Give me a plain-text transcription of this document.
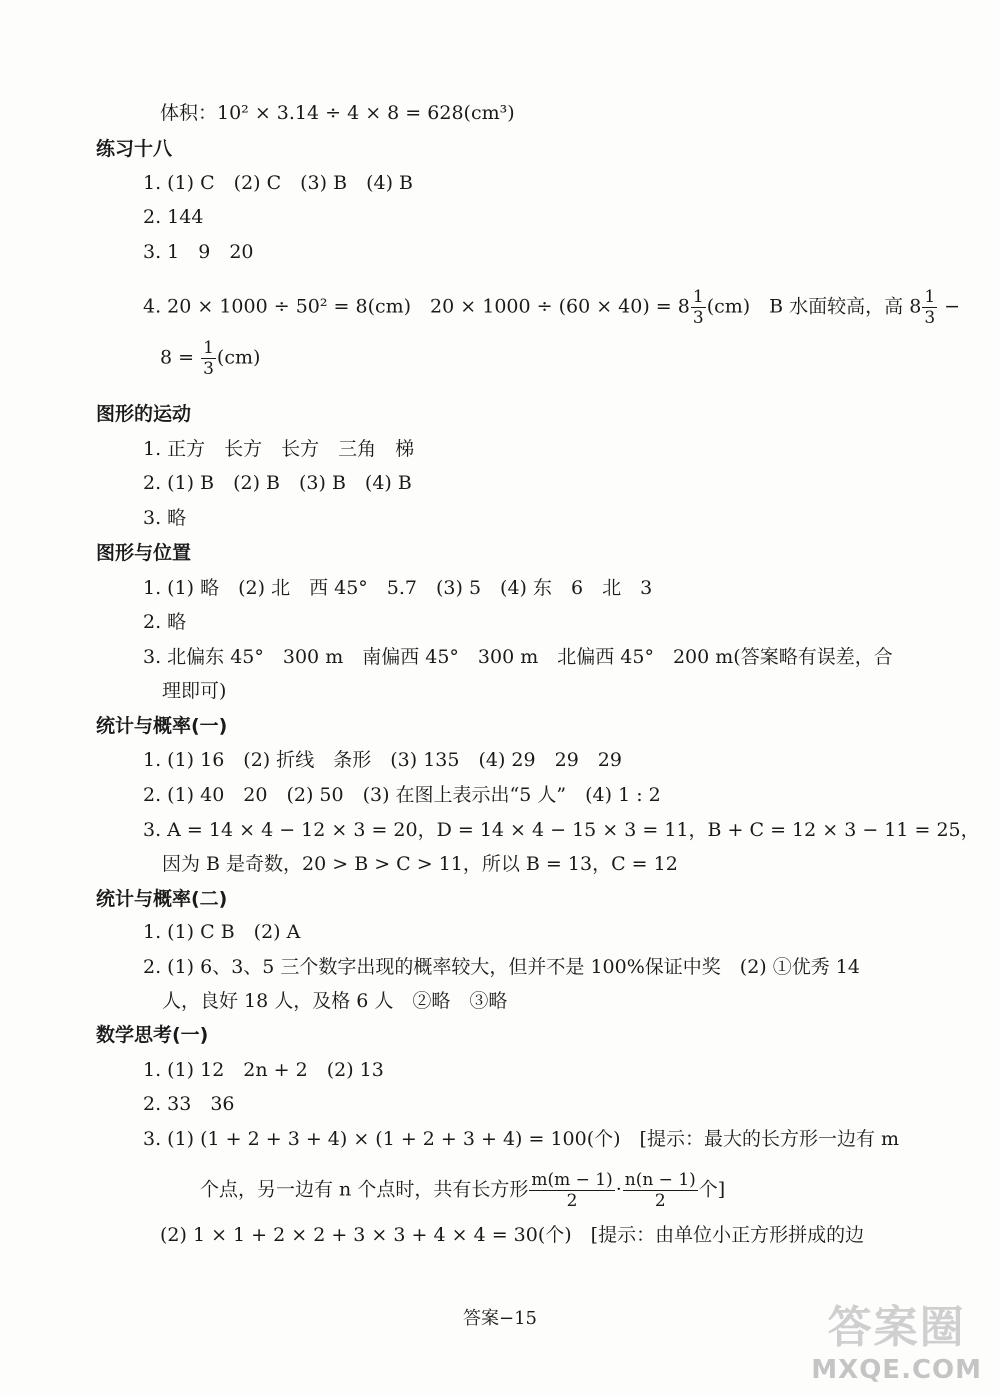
体积：10² × 3.14 ÷ 4 × 8 = 628(cm³)
练习十八
1. (1) C　(2) C　(3) B　(4) B
2. 144
3. 1　9　20
4. 20 × 1000 ÷ 50² = 8(cm)　$20 \times 1000 \div (60 \times 40) = 8 \frac{1}{3} (cm)$　B 水面较高，高 $8 \frac{1}{3}$ −
$8 = \frac{1}{3} (cm)$
图形的运动
1. 正方　长方　长方　三角　梯
2. (1) B　(2) B　(3) B　(4) B
3. 略
图形与位置
1. (1) 略　(2) 北　西 45°　5.7　(3) 5　(4) 东　6　北　3
2. 略
3. 北偏东 45°　300 m　南偏西 45°　300 m　北偏西 45°　200 m(答案略有误差，合
理即可)
统计与概率(一)
1. (1) 16　(2) 折线　条形　(3) 135　(4) 29　29　29
2. (1) 40　20　(2) 50　(3) 在图上表示出“5 人”　(4) 1 : 2
3. A = 14 × 4 − 12 × 3 = 20，D = 14 × 4 − 15 × 3 = 11，B + C = 12 × 3 − 11 = 25，
因为 B 是奇数，20 > B > C > 11，所以 B = 13，C = 12
统计与概率(二)
1. (1) C B　(2) A
2. (1) 6、3、5 三个数字出现的概率较大，但并不是 100%保证中奖　(2) ①优秀 14
人，良好 18 人，及格 6 人　②略　③略
数学思考(一)
1. (1) 12　2n + 2　(2) 13
2. 33　36
3. (1) (1 + 2 + 3 + 4) × (1 + 2 + 3 + 4) = 100(个)　[提示：最大的长方形一边有 m
个点，另一边有 n 个点时，共有长方形 $\frac{m(m - 1)}{2} \cdot \frac{n(n - 1)}{2}$ 个]
(2) 1 × 1 + 2 × 2 + 3 × 3 + 4 × 4 = 30(个)　[提示：由单位小正方形拼成的边
答案−15	答案圈
MXQE.COM
